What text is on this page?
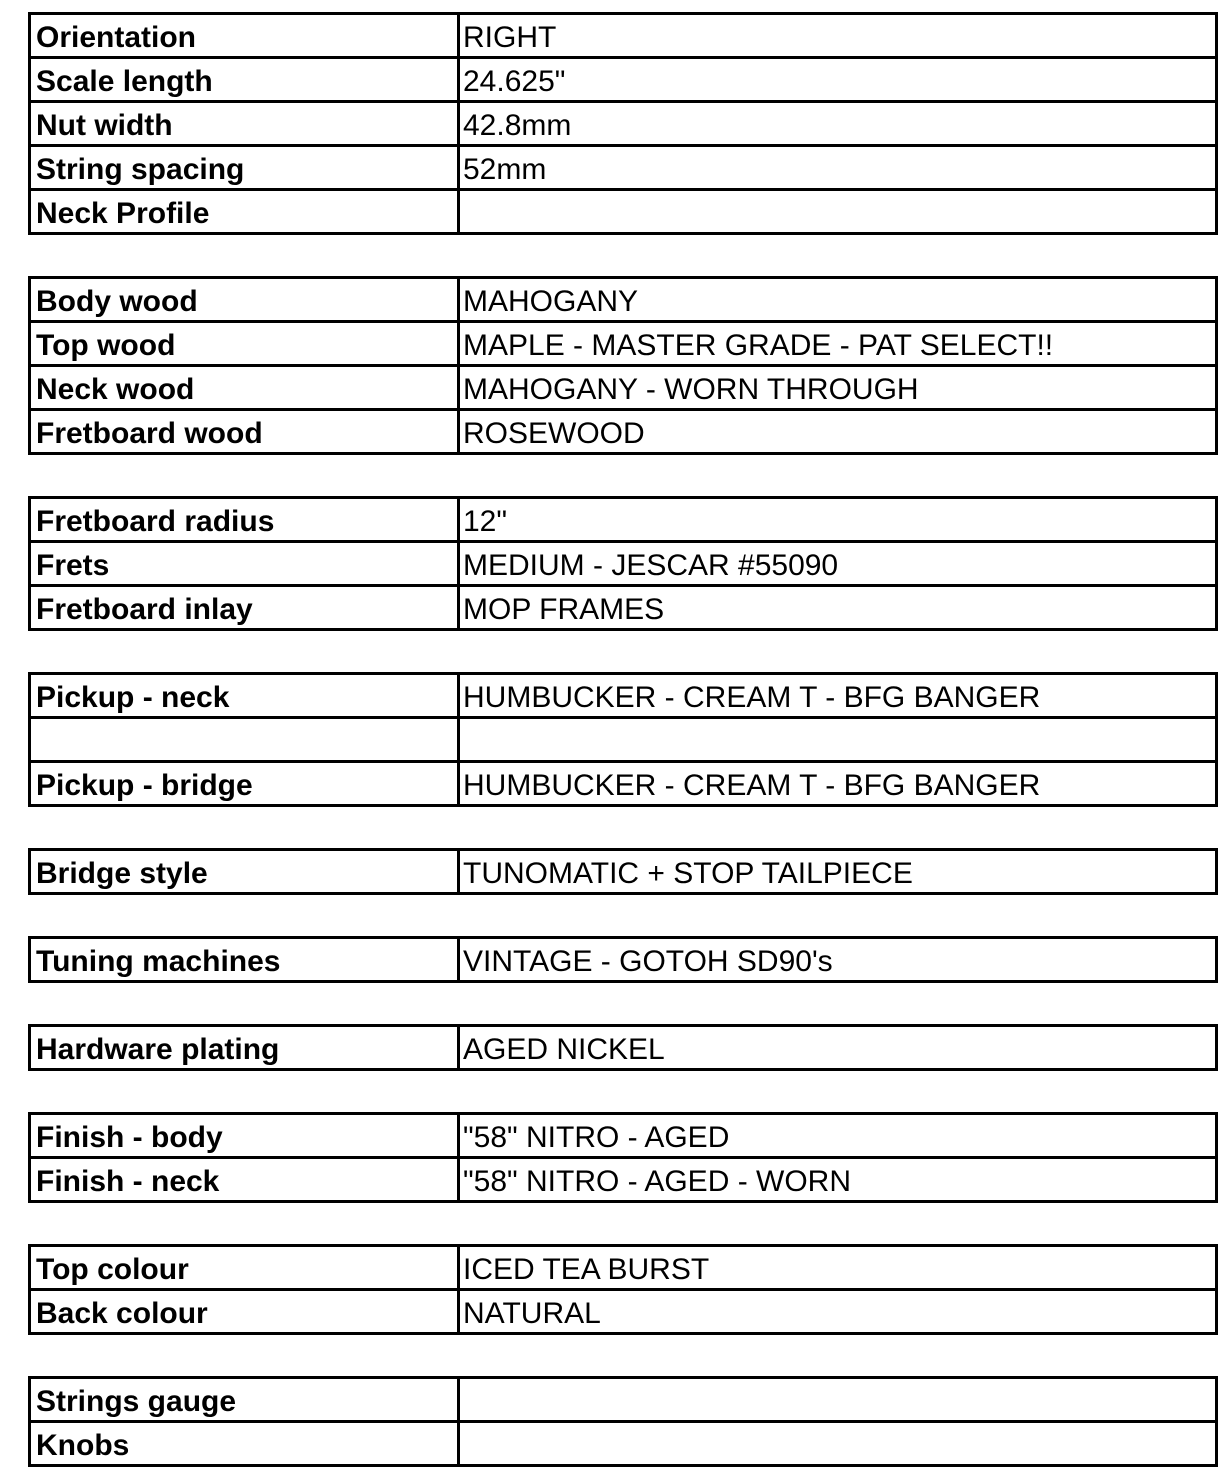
Orientation	RIGHT
Scale length	24.625"
Nut width	42.8mm
String spacing	52mm
Neck Profile	
Body wood	MAHOGANY
Top wood	MAPLE - MASTER GRADE - PAT SELECT!!
Neck wood	MAHOGANY - WORN THROUGH
Fretboard wood	ROSEWOOD
Fretboard radius	12"
Frets	MEDIUM - JESCAR #55090
Fretboard inlay	MOP FRAMES
Pickup - neck	HUMBUCKER - CREAM T - BFG BANGER

Pickup - bridge	HUMBUCKER - CREAM T - BFG BANGER
Bridge style	TUNOMATIC + STOP TAILPIECE
Tuning machines	VINTAGE - GOTOH SD90's
Hardware plating	AGED NICKEL
Finish - body	"58" NITRO - AGED
Finish - neck	"58" NITRO - AGED - WORN
Top colour	ICED TEA BURST
Back colour	NATURAL
Strings gauge	
Knobs	
